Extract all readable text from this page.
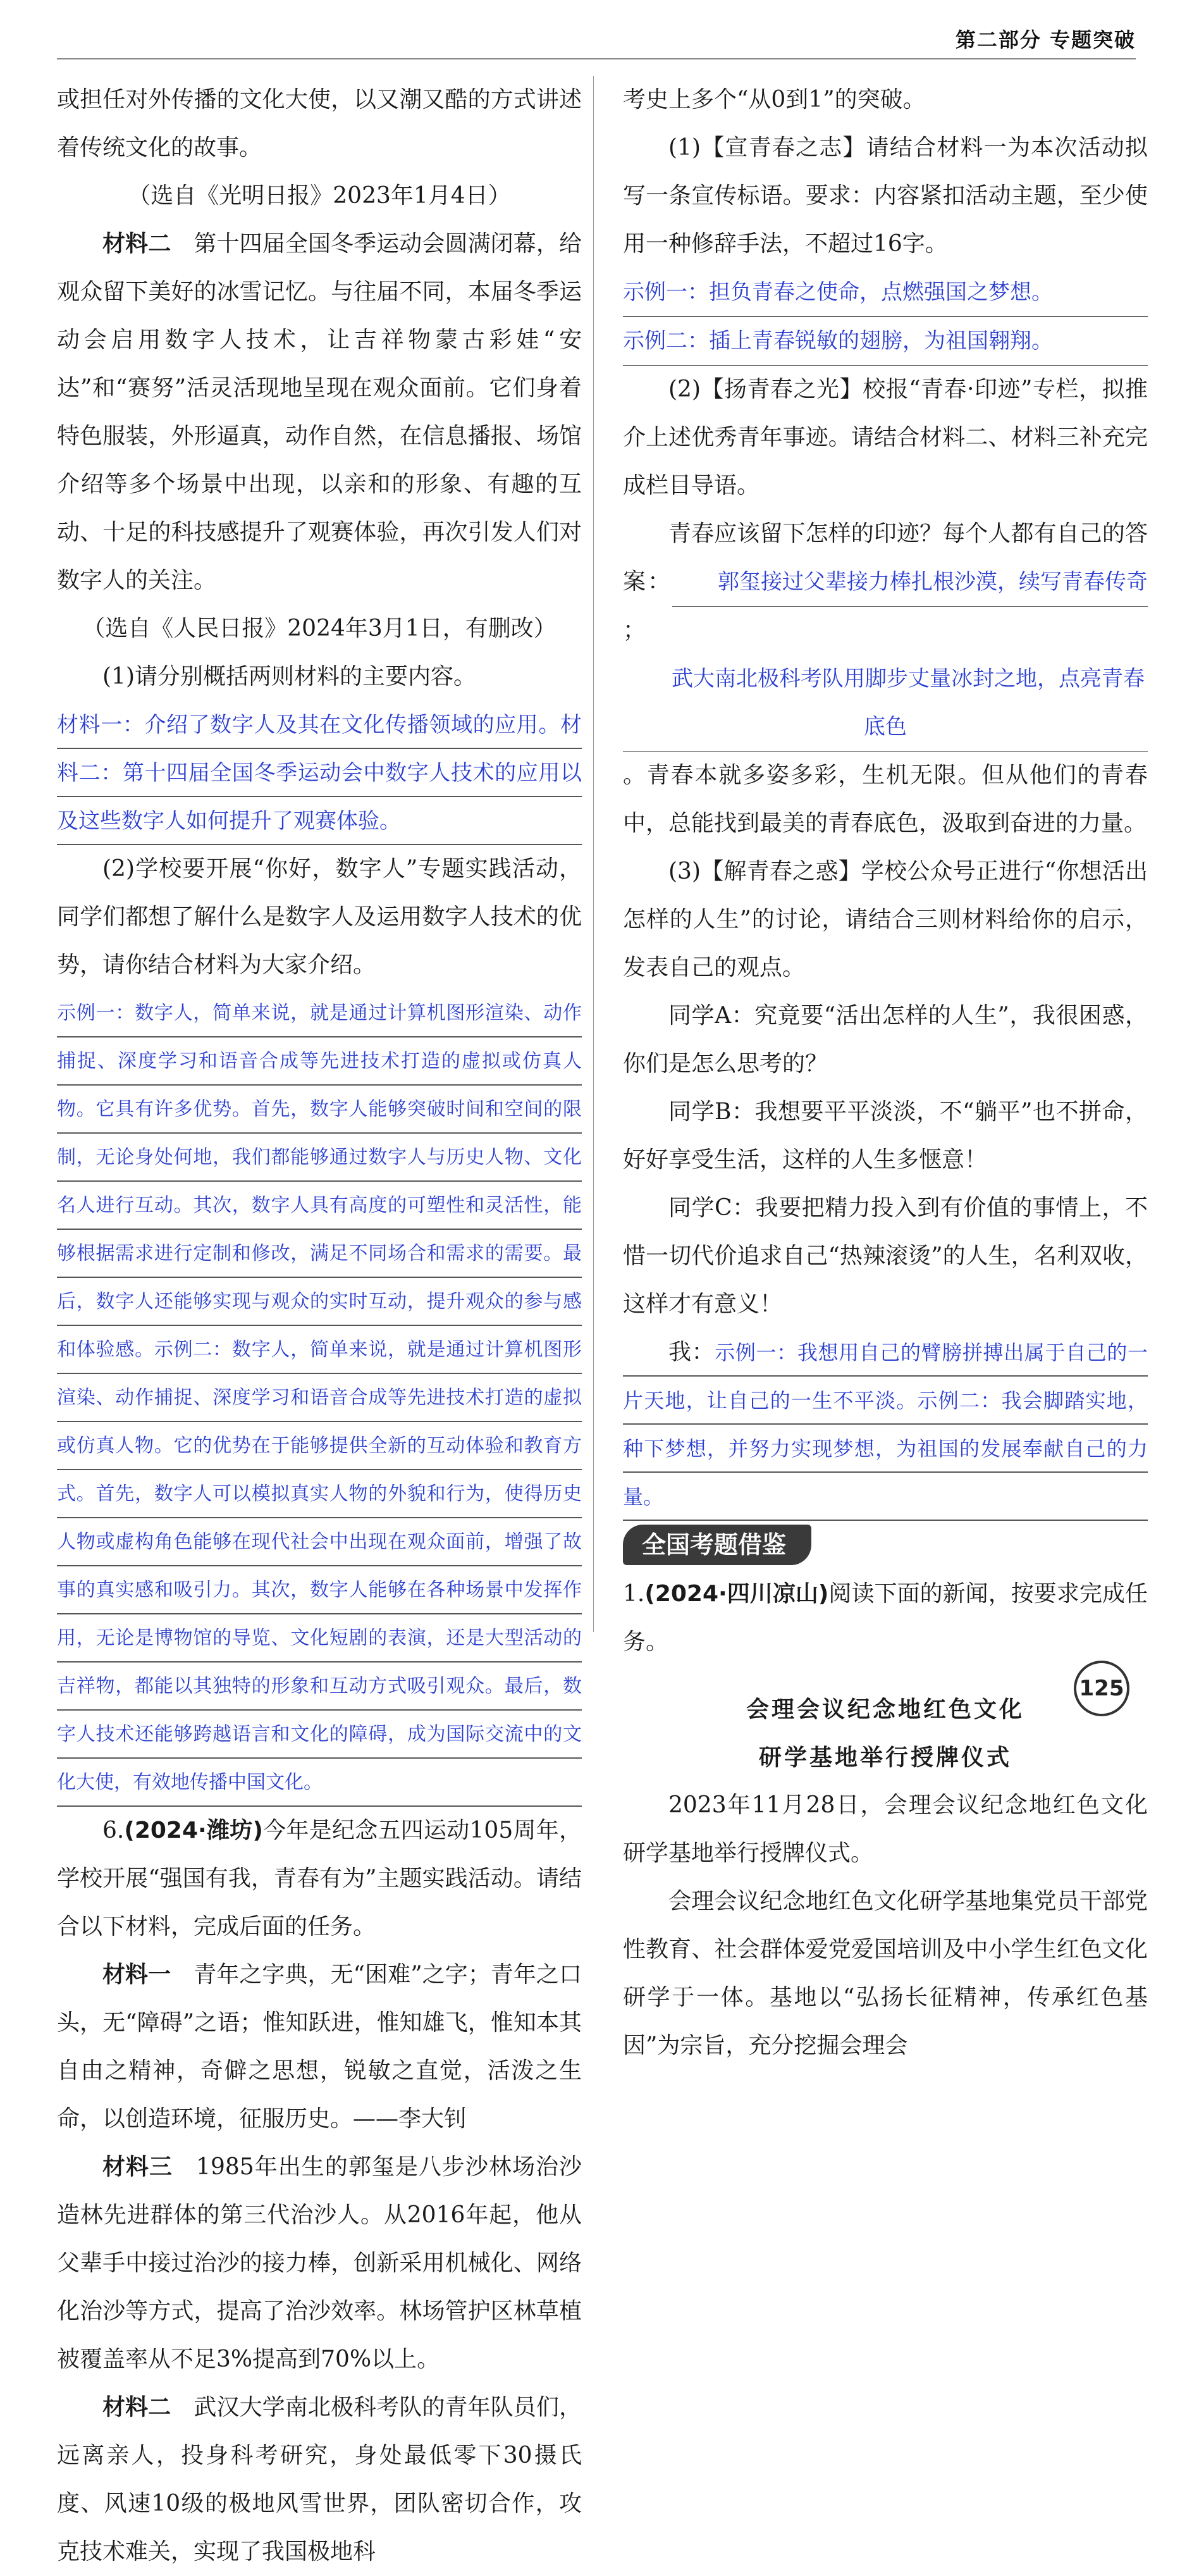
第二部分 专题突破

或担任对外传播的文化大使，以又潮又酷的方式讲述着传统文化的故事。

（选自《光明日报》2023年1月4日）

材料二　第十四届全国冬季运动会圆满闭幕，给观众留下美好的冰雪记忆。与往届不同，本届冬季运动会启用数字人技术，让吉祥物蒙古彩娃“安达”和“赛努”活灵活现地呈现在观众面前。它们身着特色服装，外形逼真，动作自然，在信息播报、场馆介绍等多个场景中出现，以亲和的形象、有趣的互动、十足的科技感提升了观赛体验，再次引发人们对数字人的关注。

（选自《人民日报》2024年3月1日，有删改）

(1)请分别概括两则材料的主要内容。

材料一：介绍了数字人及其在文化传播领域的应用。材料二：第十四届全国冬季运动会中数字人技术的应用以及这些数字人如何提升了观赛体验。

(2)学校要开展“你好，数字人”专题实践活动，同学们都想了解什么是数字人及运用数字人技术的优势，请你结合材料为大家介绍。

示例一：数字人，简单来说，就是通过计算机图形渲染、动作捕捉、深度学习和语音合成等先进技术打造的虚拟或仿真人物。它具有许多优势。首先，数字人能够突破时间和空间的限制，无论身处何地，我们都能够通过数字人与历史人物、文化名人进行互动。其次，数字人具有高度的可塑性和灵活性，能够根据需求进行定制和修改，满足不同场合和需求的需要。最后，数字人还能够实现与观众的实时互动，提升观众的参与感和体验感。示例二：数字人，简单来说，就是通过计算机图形渲染、动作捕捉、深度学习和语音合成等先进技术打造的虚拟或仿真人物。它的优势在于能够提供全新的互动体验和教育方式。首先，数字人可以模拟真实人物的外貌和行为，使得历史人物或虚构角色能够在现代社会中出现在观众面前，增强了故事的真实感和吸引力。其次，数字人能够在各种场景中发挥作用，无论是博物馆的导览、文化短剧的表演，还是大型活动的吉祥物，都能以其独特的形象和互动方式吸引观众。最后，数字人技术还能够跨越语言和文化的障碍，成为国际交流中的文化大使，有效地传播中国文化。

6.(2024·潍坊)今年是纪念五四运动105周年，学校开展“强国有我，青春有为”主题实践活动。请结合以下材料，完成后面的任务。

材料一　青年之字典，无“困难”之字；青年之口头，无“障碍”之语；惟知跃进，惟知雄飞，惟知本其自由之精神，奇僻之思想，锐敏之直觉，活泼之生命，以创造环境，征服历史。——李大钊

材料三　1985年出生的郭玺是八步沙林场治沙造林先进群体的第三代治沙人。从2016年起，他从父辈手中接过治沙的接力棒，创新采用机械化、网络化治沙等方式，提高了治沙效率。林场管护区林草植被覆盖率从不足3%提高到70%以上。

材料二　武汉大学南北极科考队的青年队员们，远离亲人，投身科考研究，身处最低零下30摄氏度、风速10级的极地风雪世界，团队密切合作，攻克技术难关，实现了我国极地科

考史上多个“从0到1”的突破。

(1)【宣青春之志】请结合材料一为本次活动拟写一条宣传标语。要求：内容紧扣活动主题，至少使用一种修辞手法，不超过16字。

示例一：担负青春之使命，点燃强国之梦想。

示例二：插上青春锐敏的翅膀，为祖国翱翔。

(2)【扬青春之光】校报“青春·印迹”专栏，拟推介上述优秀青年事迹。请结合材料二、材料三补充完成栏目导语。

青春应该留下怎样的印迹？每个人都有自己的答案： 郭玺接过父辈接力棒扎根沙漠，续写青春传奇；武大南北极科考队用脚步丈量冰封之地，点亮青春底色。青春本就多姿多彩，生机无限。但从他们的青春中，总能找到最美的青春底色，汲取到奋进的力量。

(3)【解青春之惑】学校公众号正进行“你想活出怎样的人生”的讨论，请结合三则材料给你的启示，发表自己的观点。

同学A：究竟要“活出怎样的人生”，我很困惑，你们是怎么思考的？

同学B：我想要平平淡淡，不“躺平”也不拼命，好好享受生活，这样的人生多惬意！

同学C：我要把精力投入到有价值的事情上，不惜一切代价追求自己“热辣滚烫”的人生，名利双收，这样才有意义！

我：示例一：我想用自己的臂膀拼搏出属于自己的一片天地，让自己的一生不平淡。示例二：我会脚踏实地，种下梦想，并努力实现梦想，为祖国的发展奉献自己的力量。

全国考题借鉴

1.(2024·四川凉山)阅读下面的新闻，按要求完成任务。

会理会议纪念地红色文化

研学基地举行授牌仪式

2023年11月28日，会理会议纪念地红色文化研学基地举行授牌仪式。

会理会议纪念地红色文化研学基地集党员干部党性教育、社会群体爱党爱国培训及中小学生红色文化研学于一体。基地以“弘扬长征精神，传承红色基因”为宗旨，充分挖掘会理会

125
